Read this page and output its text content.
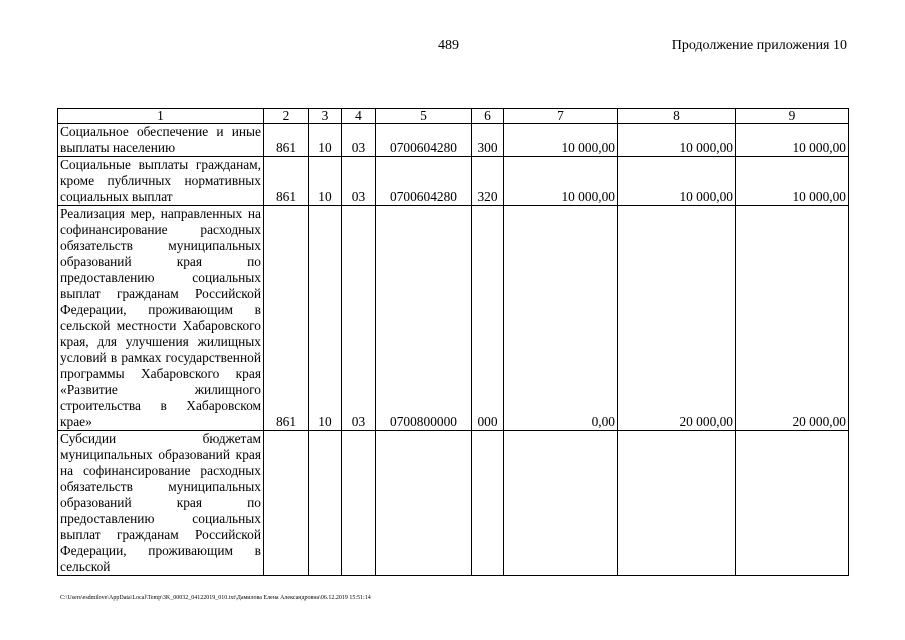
489	Продолжение приложения 10
1	2	3	4	5	6	7	8	9
Социальное обеспечение и иные выплаты населению	861	10	03	0700604280	300	10 000,00	10 000,00	10 000,00
Социальные выплаты гражданам, кроме публичных нормативных социальных выплат	861	10	03	0700604280	320	10 000,00	10 000,00	10 000,00
Реализация мер, направленных на софинансирование расходных обязательств муниципальных образований края по предоставлению социальных выплат гражданам Российской Федерации, проживающим в сельской местности Хабаровского края, для улучшения жилищных условий в рамках государственной программы Хабаровского края «Развитие жилищного строительства в Хабаровском крае»	861	10	03	0700800000	000	0,00	20 000,00	20 000,00
Субсидии бюджетам муниципальных образований края на софинансирование расходных обязательств муниципальных образований края по предоставлению социальных выплат гражданам Российской Федерации, проживающим в сельской								
C:\Users\esdmilove\AppData\Local\Temp\3K_00032_04122019_010.txt\Дамилова Елена Александровна\06.12.2019 15:51:14
